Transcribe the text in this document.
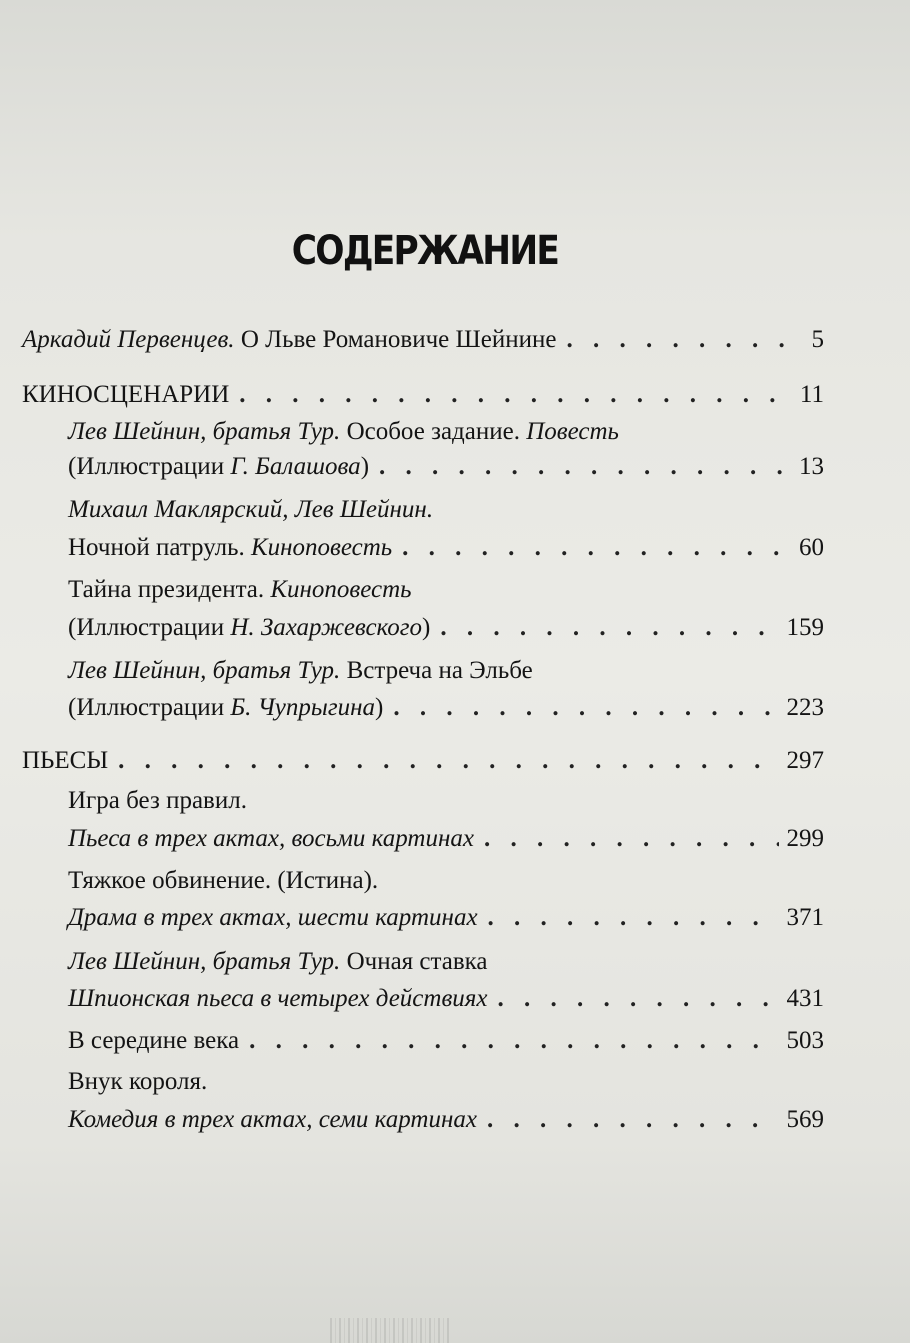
СОДЕРЖАНИЕ
Аркадий Первенцев. О Льве Романовиче Шейнине . . .	5
КИНОСЦЕНАРИИ . . .	11
Лев Шейнин, братья Тур. Особое задание. Повесть
(Иллюстрации Г. Балашова) . . .	13
Михаил Маклярский, Лев Шейнин.
Ночной патруль. Киноповесть . . .	60
Тайна президента. Киноповесть
(Иллюстрации Н. Захаржевского) . . .	159
Лев Шейнин, братья Тур. Встреча на Эльбе
(Иллюстрации Б. Чупрыгина) . . .	223
ПЬЕСЫ . . .	297
Игра без правил.
Пьеса в трех актах, восьми картинах . . .	299
Тяжкое обвинение. (Истина).
Драма в трех актах, шести картинах . . .	371
Лев Шейнин, братья Тур. Очная ставка
Шпионская пьеса в четырех действиях . . .	431
В середине века . . .	503
Внук короля.
Комедия в трех актах, семи картинах . . .	569
